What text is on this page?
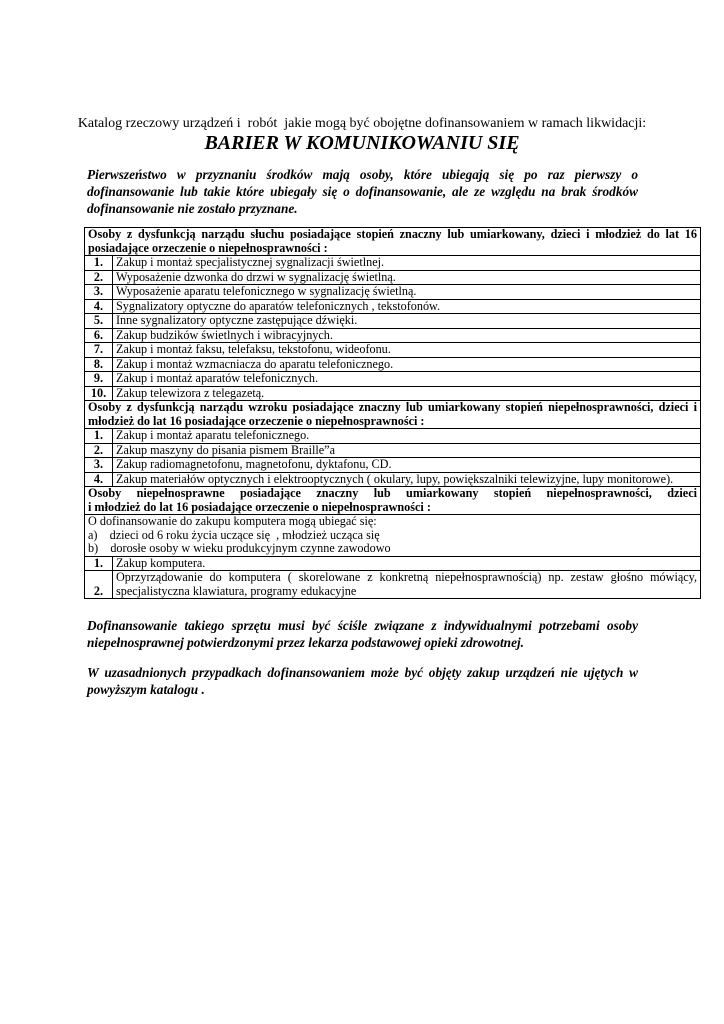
Katalog rzeczowy urządzeń i  robót  jakie mogą być obojętne dofinansowaniem w ramach likwidacji:
BARIER W KOMUNIKOWANIU SIĘ
Pierwszeństwo w przyznaniu środków mają osoby, które ubiegają się po raz pierwszy o dofinansowanie lub takie które ubiegały się o dofinansowanie, ale ze względu na brak środków dofinansowanie nie zostało przyznane.
Osoby z dysfunkcją narządu słuchu posiadające stopień znaczny lub umiarkowany, dzieci i młodzież do lat 16 posiadające orzeczenie o niepełnosprawności :	
1.	Zakup i montaż specjalistycznej sygnalizacji świetlnej.
2.	Wyposażenie dzwonka do drzwi w sygnalizację świetlną.
3.	Wyposażenie aparatu telefonicznego w sygnalizację świetlną.
4.	Sygnalizatory optyczne do aparatów telefonicznych , tekstofonów.
5.	Inne sygnalizatory optyczne zastępujące dźwięki.
6.	Zakup budzików świetlnych i wibracyjnych.
7.	Zakup i montaż faksu, telefaksu, tekstofonu, wideofonu.
8.	Zakup i montaż wzmacniacza do aparatu telefonicznego.
9.	Zakup i montaż aparatów telefonicznych.
10.	Zakup telewizora z telegazetą.
Osoby z dysfunkcją narządu wzroku posiadające znaczny lub umiarkowany stopień niepełnosprawności, dzieci i młodzież do lat 16 posiadające orzeczenie o niepełnosprawności :	
1.	Zakup i montaż aparatu telefonicznego.
2.	Zakup maszyny do pisania pismem Braille”a
3.	Zakup radiomagnetofonu, magnetofonu, dyktafonu, CD.
4.	Zakup materiałów optycznych i elektrooptycznych ( okulary, lupy, powiększalniki telewizyjne, lupy monitorowe).

Osoby niepełnosprawne posiadające znaczny lub umiarkowany stopień niepełnosprawności, dzieci
i młodzież do lat 16 posiadające orzeczenie o niepełnosprawności :	

O dofinansowanie do zakupu komputera mogą ubiegać się:
a)    dzieci od 6 roku życia uczące się  , młodzież ucząca się
b)    dorosłe osoby w wieku produkcyjnym czynne zawodowo	

1.	Zakup komputera.
2.	Oprzyrządowanie do komputera ( skorelowane z konkretną niepełnosprawnością) np. zestaw głośno mówiący, specjalistyczna klawiatura, programy edukacyjne
Dofinansowanie takiego sprzętu musi być ściśle związane z indywidualnymi potrzebami osoby niepełnosprawnej potwierdzonymi przez lekarza podstawowej opieki zdrowotnej.
W uzasadnionych przypadkach dofinansowaniem może być objęty zakup urządzeń nie ujętych w powyższym katalogu .
